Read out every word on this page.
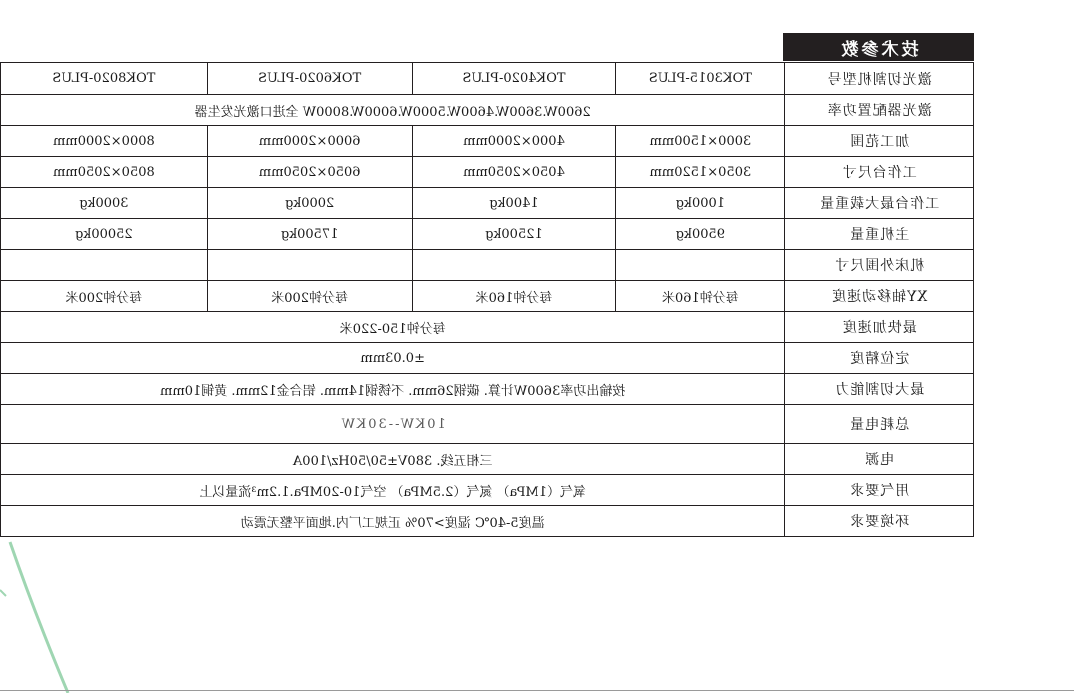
技术参数
激光切割机型号	TOK3015-PLUS	TOK4020-PLUS	TOK6020-PLUS	TOK8020-PLUS
激光器配置功率	2600W.3600W.4600W.5000W.6000W.8000W 全进口激光发生器			
加工范围	3000×1500mm	4000×2000mm	6000×2000mm	8000×2000mm
工作台尺寸	3050×1520mm	4050×2050mm	6050×2050mm	8050×2050mm
工作台最大载重量	1000kg	1400kg	2000kg	3000kg
主机重量	9500kg	12500kg	17500kg	25000kg
机床外围尺寸				
XY轴移动速度	每分钟160米	每分钟160米	每分钟200米	每分钟200米
最快加速度	每分钟150-220米			
定位精度	±0.03mm			
最大切割能力	按输出功率3600W计算. 碳钢26mm. 不锈钢14mm. 铝合金12mm. 黄铜10mm			
总耗电量	10KW--30KW			
电源	三相五线. 380V±50/50Hz/100A			
用气要求	氧气（1MPa） 氮气（2.5MPa） 空气10-20MPa.1.2m³流量以上			
环境要求	温度5-40℃ 湿度>70% 正规工厂内.地面平整无震动			
